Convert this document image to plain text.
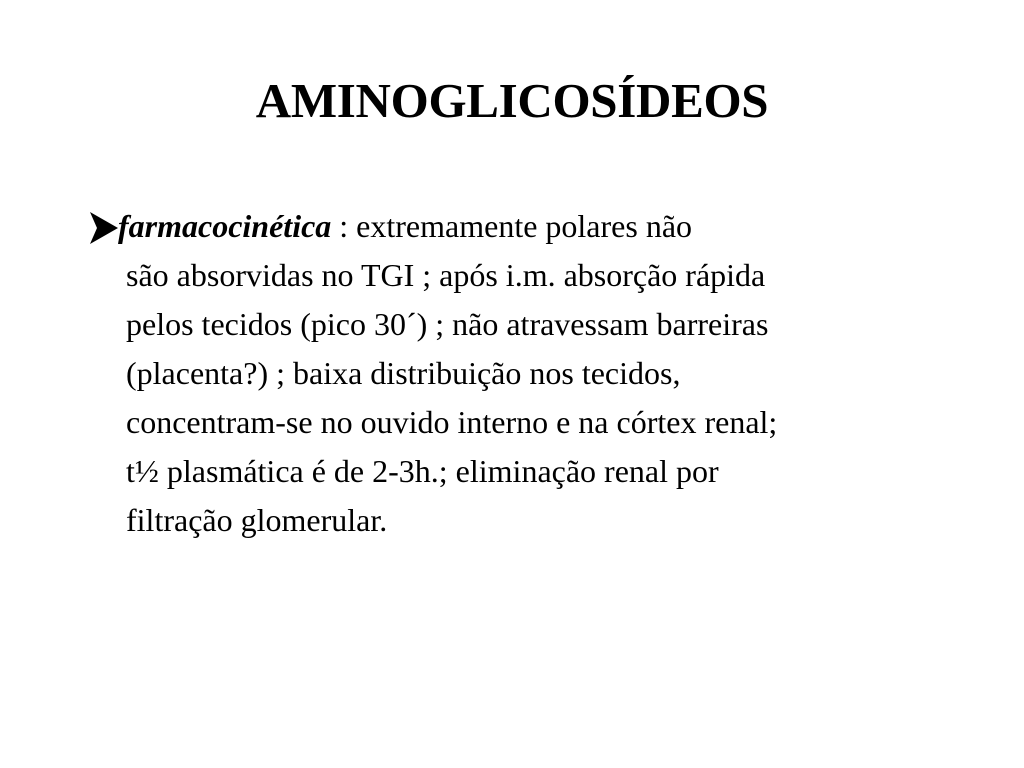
AMINOGLICOSÍDEOS

farmacocinética : extremamente polares não

são absorvidas no TGI ; após i.m. absorção rápida

pelos tecidos (pico 30´) ; não atravessam barreiras

(placenta?) ; baixa distribuição nos tecidos,

concentram-se no ouvido interno e na córtex renal;

t½ plasmática é de 2-3h.; eliminação renal por

filtração glomerular.
